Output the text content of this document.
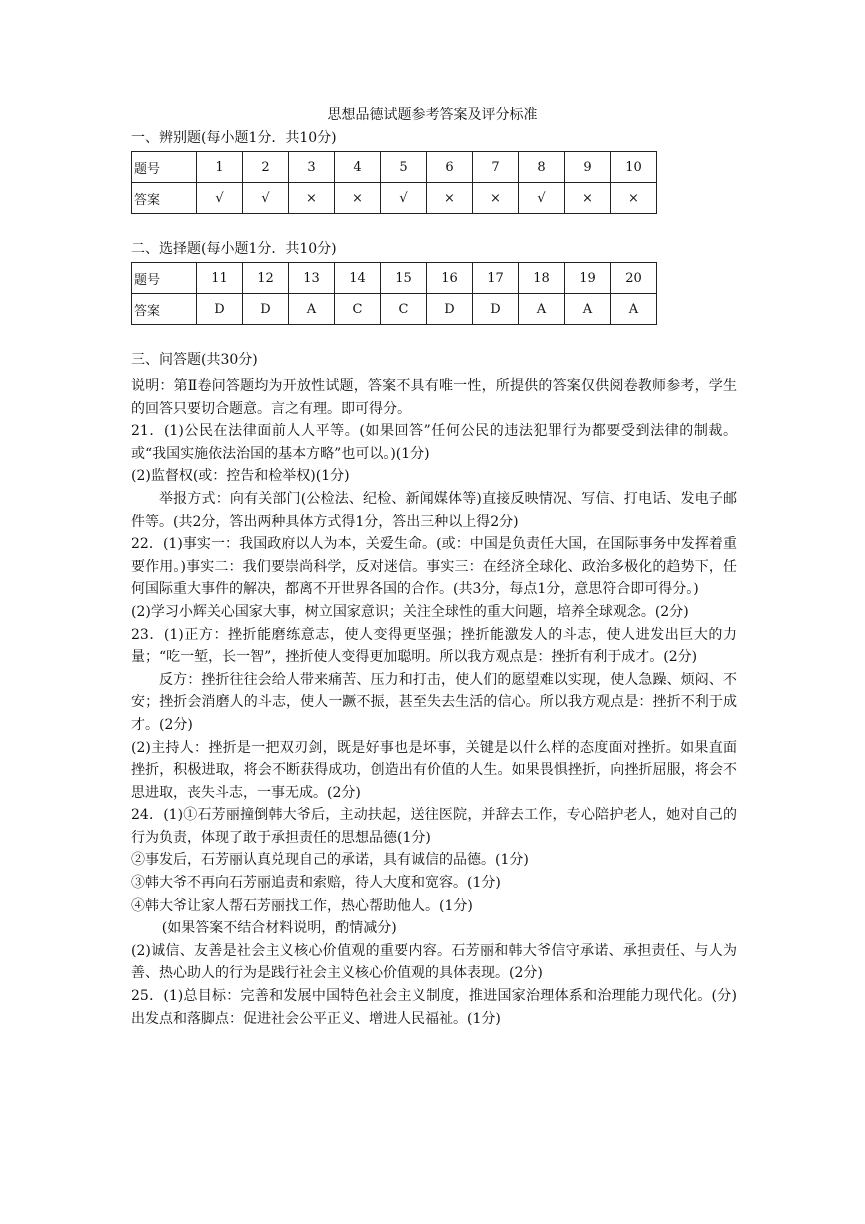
思想品德试题参考答案及评分标准
一、辨别题(每小题1分．共10分)
题号	1	2	3	4	5	6	7	8	9	10
答案	√	√	×	×	√	×	×	√	×	×
二、选择题(每小题1分．共10分)
题号	11	12	13	14	15	16	17	18	19	20
答案	D	D	A	C	C	D	D	A	A	A
三、问答题(共30分)

说明：第Ⅱ卷问答题均为开放性试题，答案不具有唯一性，所提供的答案仅供阅卷教师参考，学生的回答只要切合题意。言之有理。即可得分。

21．(1)公民在法律面前人人平等。(如果回答”任何公民的违法犯罪行为都要受到法律的制裁。或“我国实施依法治国的基本方略”也可以。)(1分)

(2)监督权(或：控告和检举权)(1分)

举报方式：向有关部门(公检法、纪检、新闻媒体等)直接反映情况、写信、打电话、发电子邮件等。(共2分，答出两种具体方式得1分，答出三种以上得2分)

22．(1)事实一：我国政府以人为本，关爱生命。(或：中国是负责任大国，在国际事务中发挥着重要作用。)事实二：我们要崇尚科学，反对迷信。事实三：在经济全球化、政治多极化的趋势下，任何国际重大事件的解决，都离不开世界各国的合作。(共3分，每点1分，意思符合即可得分。)

(2)学习小辉关心国家大事，树立国家意识；关注全球性的重大问题，培养全球观念。(2分)

23．(1)正方：挫折能磨练意志，使人变得更坚强；挫折能激发人的斗志，使人进发出巨大的力量；“吃一堑，长一智”，挫折使人变得更加聪明。所以我方观点是：挫折有利于成才。(2分)

反方：挫折往往会给人带来痛苦、压力和打击，使人们的愿望难以实现，使人急躁、烦闷、不安；挫折会消磨人的斗志，使人一蹶不振，甚至失去生活的信心。所以我方观点是：挫折不利于成才。(2分)

(2)主持人：挫折是一把双刃剑，既是好事也是坏事，关键是以什么样的态度面对挫折。如果直面挫折，积极进取，将会不断获得成功，创造出有价值的人生。如果畏惧挫折，向挫折屈服，将会不思进取，丧失斗志，一事无成。(2分)

24．(1)①石芳丽撞倒韩大爷后，主动扶起，送往医院，并辞去工作，专心陪护老人，她对自己的行为负责，体现了敢于承担责任的思想品德(1分)

②事发后，石芳丽认真兑现自己的承诺，具有诚信的品德。(1分)

③韩大爷不再向石芳丽追责和索赔，待人大度和宽容。(1分)

④韩大爷让家人帮石芳丽找工作，热心帮助他人。(1分)

(如果答案不结合材料说明，酌情减分)

(2)诚信、友善是社会主义核心价值观的重要内容。石芳丽和韩大爷信守承诺、承担责任、与人为善、热心助人的行为是践行社会主义核心价值观的具体表现。(2分)

25．(1)总目标：完善和发展中国特色社会主义制度，推进国家治理体系和治理能力现代化。(分)出发点和落脚点：促进社会公平正义、增进人民福祉。(1分)
